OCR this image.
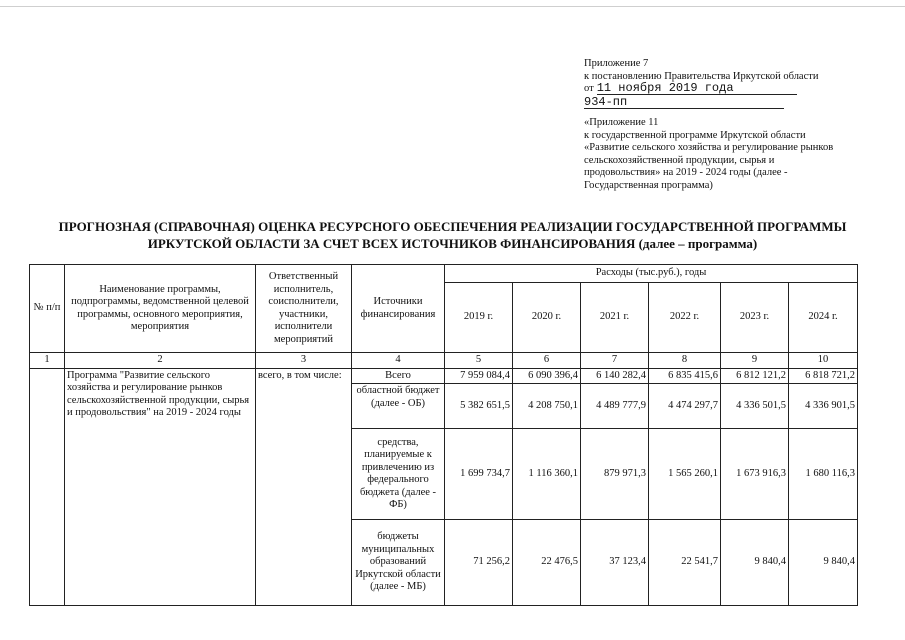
Приложение 7
к постановлению Правительства Иркутской области
от 11 ноября 2019 года
934-пп
«Приложение 11
к государственной программе Иркутской области
«Развитие сельского хозяйства и регулирование рынков
сельскохозяйственной продукции, сырья и
продовольствия» на 2019 - 2024 годы (далее -
Государственная программа)
ПРОГНОЗНАЯ (СПРАВОЧНАЯ) ОЦЕНКА РЕСУРСНОГО ОБЕСПЕЧЕНИЯ РЕАЛИЗАЦИИ ГОСУДАРСТВЕННОЙ ПРОГРАММЫ
ИРКУТСКОЙ ОБЛАСТИ ЗА СЧЕТ ВСЕХ ИСТОЧНИКОВ ФИНАНСИРОВАНИЯ (далее – программа)
№ п/п	Наименование программы, подпрограммы, ведомственной целевой программы, основного мероприятия, мероприятия	Ответственный исполнитель, соисполнители, участники, исполнители мероприятий	Источники финансирования	Расходы (тыс.руб.), годы					
				2019 г.	2020 г.	2021 г.	2022 г.	2023 г.	2024 г.
1	2	3	4	5	6	7	8	9	10
	Программа "Развитие сельского хозяйства и регулирование рынков сельскохозяйственной продукции, сырья и продовольствия" на 2019 - 2024 годы	всего, в том числе:	Всего	7 959 084,4	6 090 396,4	6 140 282,4	6 835 415,6	6 812 121,2	6 818 721,2
			областной бюджет (далее - ОБ)	5 382 651,5	4 208 750,1	4 489 777,9	4 474 297,7	4 336 501,5	4 336 901,5
			средства, планируемые к привлечению из федерального бюджета (далее - ФБ)	1 699 734,7	1 116 360,1	879 971,3	1 565 260,1	1 673 916,3	1 680 116,3
			бюджеты муниципальных образований Иркутской области (далее - МБ)	71 256,2	22 476,5	37 123,4	22 541,7	9 840,4	9 840,4
